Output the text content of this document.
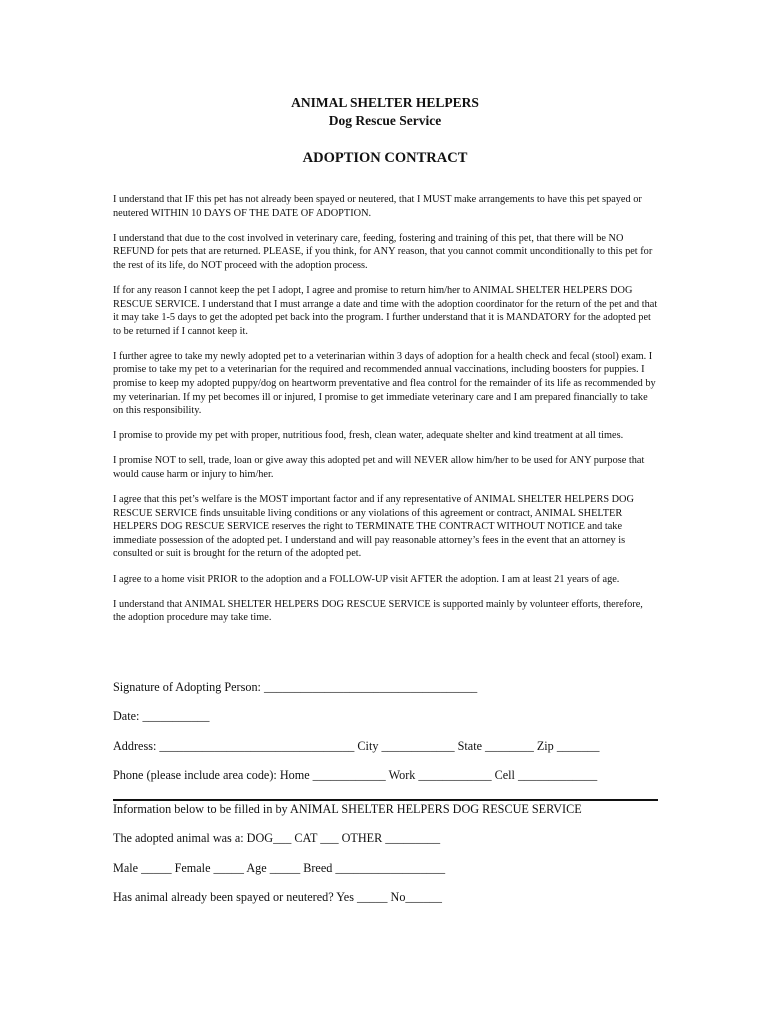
ANIMAL SHELTER HELPERS
Dog Rescue Service
ADOPTION CONTRACT

I understand that IF this pet has not already been spayed or neutered, that I MUST make arrangements to have this pet spayed or neutered WITHIN 10 DAYS OF THE DATE OF ADOPTION.

I understand that due to the cost involved in veterinary care, feeding, fostering and training of this pet, that there will be NO REFUND for pets that are returned. PLEASE, if you think, for ANY reason, that you cannot commit unconditionally to this pet for the rest of its life, do NOT proceed with the adoption process.

If for any reason I cannot keep the pet I adopt, I agree and promise to return him/her to ANIMAL SHELTER HELPERS DOG RESCUE SERVICE. I understand that I must arrange a date and time with the adoption coordinator for the return of the pet and that it may take 1-5 days to get the adopted pet back into the program. I further understand that it is MANDATORY for the adopted pet to be returned if I cannot keep it.

I further agree to take my newly adopted pet to a veterinarian within 3 days of adoption for a health check and fecal (stool) exam. I promise to take my pet to a veterinarian for the required and recommended annual vaccinations, including boosters for puppies. I promise to keep my adopted puppy/dog on heartworm preventative and flea control for the remainder of its life as recommended by my veterinarian. If my pet becomes ill or injured, I promise to get immediate veterinary care and I am prepared financially to take on this responsibility.

I promise to provide my pet with proper, nutritious food, fresh, clean water, adequate shelter and kind treatment at all times.

I promise NOT to sell, trade, loan or give away this adopted pet and will NEVER allow him/her to be used for ANY purpose that would cause harm or injury to him/her.

I agree that this pet’s welfare is the MOST important factor and if any representative of ANIMAL SHELTER HELPERS DOG RESCUE SERVICE finds unsuitable living conditions or any violations of this agreement or contract, ANIMAL SHELTER HELPERS DOG RESCUE SERVICE reserves the right to TERMINATE THE CONTRACT WITHOUT NOTICE and take immediate possession of the adopted pet. I understand and will pay reasonable attorney’s fees in the event that an attorney is consulted or suit is brought for the return of the adopted pet.

I agree to a home visit PRIOR to the adoption and a FOLLOW-UP visit AFTER the adoption. I am at least 21 years of age.

I understand that ANIMAL SHELTER HELPERS DOG RESCUE SERVICE is supported mainly by volunteer efforts, therefore, the adoption procedure may take time.

Signature of Adopting Person: ___________________________________
Date: ___________
Address: ________________________________ City ____________ State ________ Zip _______
Phone (please include area code): Home ____________ Work ____________ Cell _____________
Information below to be filled in by ANIMAL SHELTER HELPERS DOG RESCUE SERVICE
The adopted animal was a: DOG___ CAT ___ OTHER _________
Male _____ Female _____ Age _____ Breed __________________
Has animal already been spayed or neutered? Yes _____ No______
